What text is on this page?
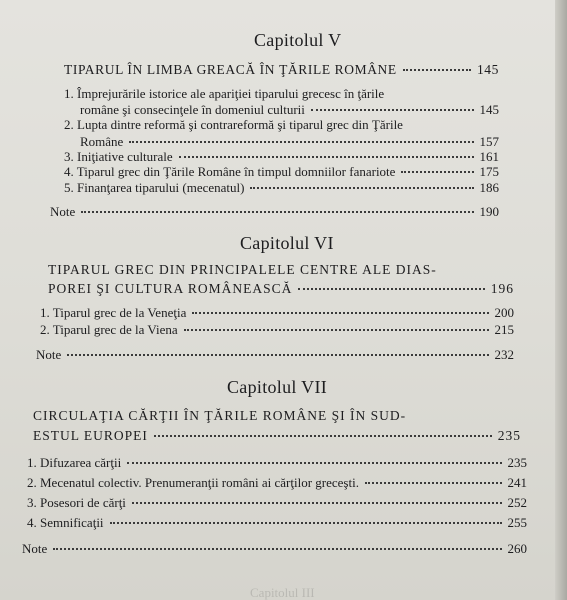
Capitolul III
Capitolul V
TIPARUL ÎN LIMBA GREACĂ ÎN ŢĂRILE ROMÂNE	145
1. Împrejurările istorice ale apariţiei tiparului grecesc în ţările
române şi consecinţele în domeniul culturii	145
2. Lupta dintre reformă şi contrareformă şi tiparul grec din Ţările
Române	157
3. Iniţiative culturale	161
4. Tiparul grec din Ţările Române în timpul domniilor fanariote	175
5. Finanţarea tiparului (mecenatul)	186
Note	190
Capitolul VI
TIPARUL GREC DIN PRINCIPALELE CENTRE ALE DIAS-
POREI ŞI CULTURA ROMÂNEASCĂ	196
1. Tiparul grec de la Veneţia	200
2. Tiparul grec de la Viena	215
Note	232
Capitolul VII
CIRCULAŢIA CĂRŢII ÎN ŢĂRILE ROMÂNE ŞI ÎN SUD-
ESTUL EUROPEI	235
1. Difuzarea cărţii	235
2. Mecenatul colectiv. Prenumeranţii români ai cărţilor greceşti.	241
3. Posesori de cărţi	252
4. Semnificaţii	255
Note	260
